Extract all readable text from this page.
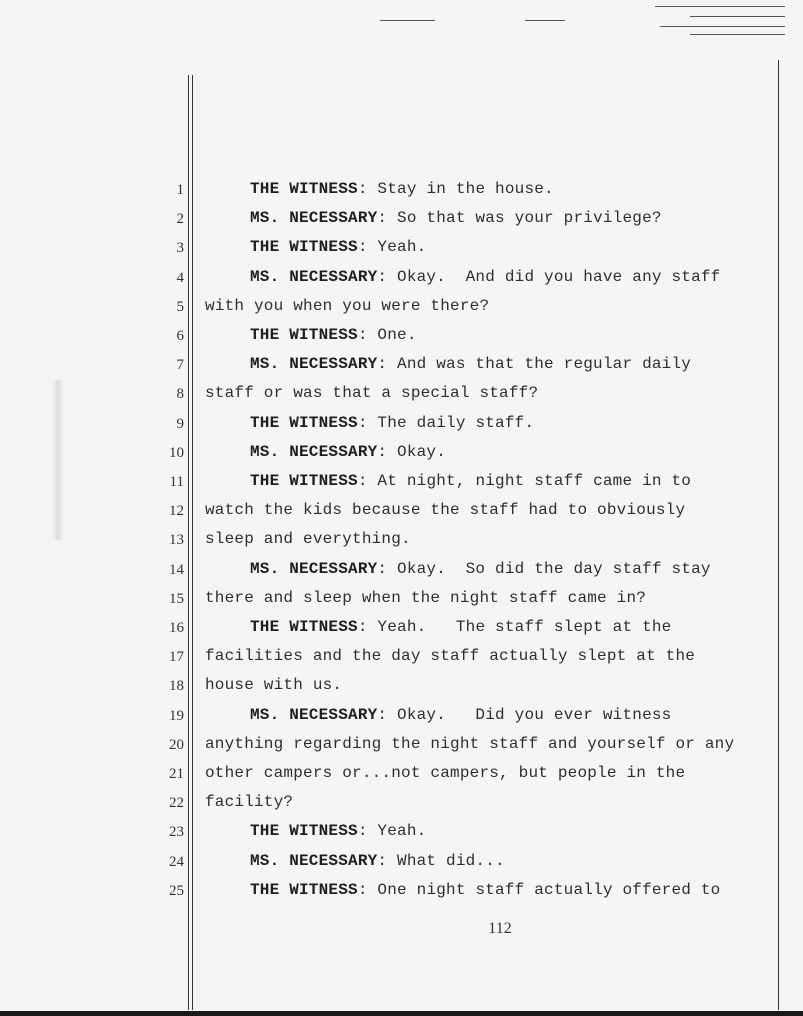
1	THE WITNESS: Stay in the house.
2	MS. NECESSARY: So that was your privilege?
3	THE WITNESS: Yeah.
4	MS. NECESSARY: Okay.  And did you have any staff
5 with you when you were there?
6	THE WITNESS: One.
7	MS. NECESSARY: And was that the regular daily
8 staff or was that a special staff?
9	THE WITNESS: The daily staff.
10	MS. NECESSARY: Okay.
11	THE WITNESS: At night, night staff came in to
12 watch the kids because the staff had to obviously
13 sleep and everything.
14	MS. NECESSARY: Okay.  So did the day staff stay
15 there and sleep when the night staff came in?
16	THE WITNESS: Yeah.   The staff slept at the
17 facilities and the day staff actually slept at the
18 house with us.
19	MS. NECESSARY: Okay.   Did you ever witness
20 anything regarding the night staff and yourself or any
21 other campers or...not campers, but people in the
22 facility?
23	THE WITNESS: Yeah.
24	MS. NECESSARY: What did...
25	THE WITNESS: One night staff actually offered to
112
